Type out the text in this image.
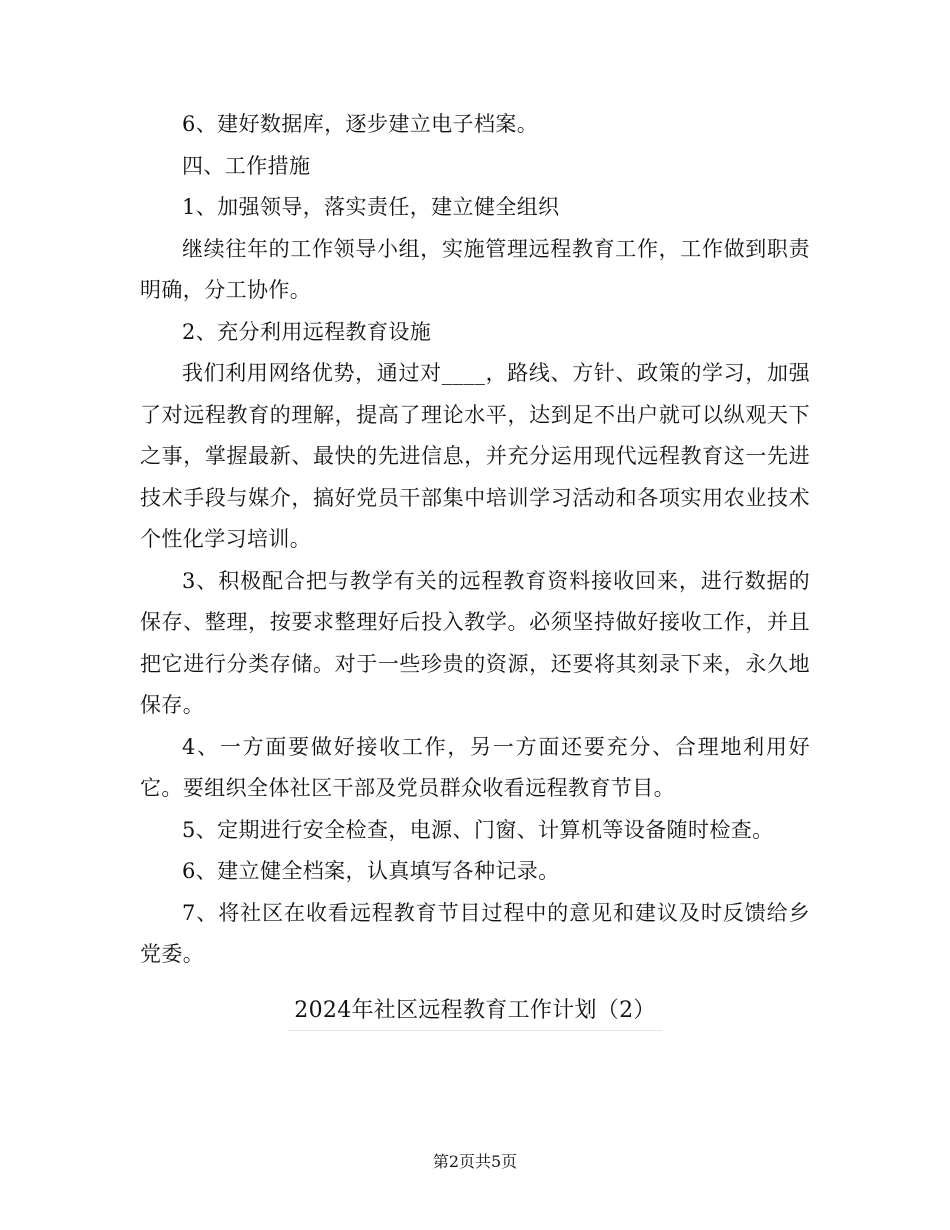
6、建好数据库，逐步建立电子档案。

四、工作措施

1、加强领导，落实责任，建立健全组织

继续往年的工作领导小组，实施管理远程教育工作，工作做到职责明确，分工协作。

2、充分利用远程教育设施

我们利用网络优势，通过对____，路线、方针、政策的学习，加强了对远程教育的理解，提高了理论水平，达到足不出户就可以纵观天下之事，掌握最新、最快的先进信息，并充分运用现代远程教育这一先进技术手段与媒介，搞好党员干部集中培训学习活动和各项实用农业技术个性化学习培训。

3、积极配合把与教学有关的远程教育资料接收回来，进行数据的保存、整理，按要求整理好后投入教学。必须坚持做好接收工作，并且把它进行分类存储。对于一些珍贵的资源，还要将其刻录下来，永久地保存。

4、一方面要做好接收工作，另一方面还要充分、合理地利用好它。要组织全体社区干部及党员群众收看远程教育节目。

5、定期进行安全检查，电源、门窗、计算机等设备随时检查。

6、建立健全档案，认真填写各种记录。

7、将社区在收看远程教育节目过程中的意见和建议及时反馈给乡党委。

2024年社区远程教育工作计划（2）
第2页共5页
